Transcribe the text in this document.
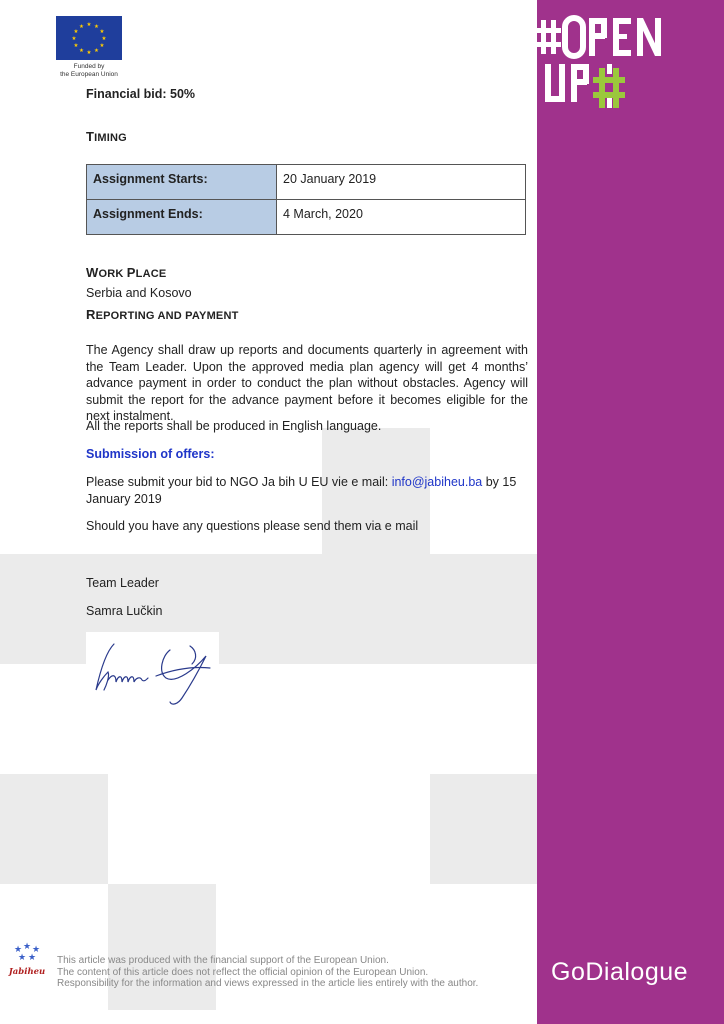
GoDialogue
★ ★
★
★
★
★
★
★
★
★
★
★
Funded by
the European Union
Financial bid: 50%
TIMING
Assignment Starts:	20 January 2019
Assignment Ends:	4 March, 2020
WORK PLACE
Serbia and Kosovo
REPORTING AND PAYMENT
The Agency shall draw up reports and documents quarterly in agreement with the Team Leader. Upon the approved media plan agency will get 4 months’ advance payment in order to conduct the plan without obstacles. Agency will submit the report for the advance payment before it becomes eligible for the next instalment.
All the reports shall be produced in English language.
Submission of offers:
Please submit your bid to NGO Ja bih U EU vie e mail: info@jabiheu.ba by 15 January 2019
Should you have any questions please send them via e mail
Team Leader
Samra Lučkin
★ ★ ★
★ ★
Jabiheu
This article was produced with the financial support of the European Union.
The content of this article does not reflect the official opinion of the European Union.
Responsibility for the information and views expressed in the article lies entirely with the author.
